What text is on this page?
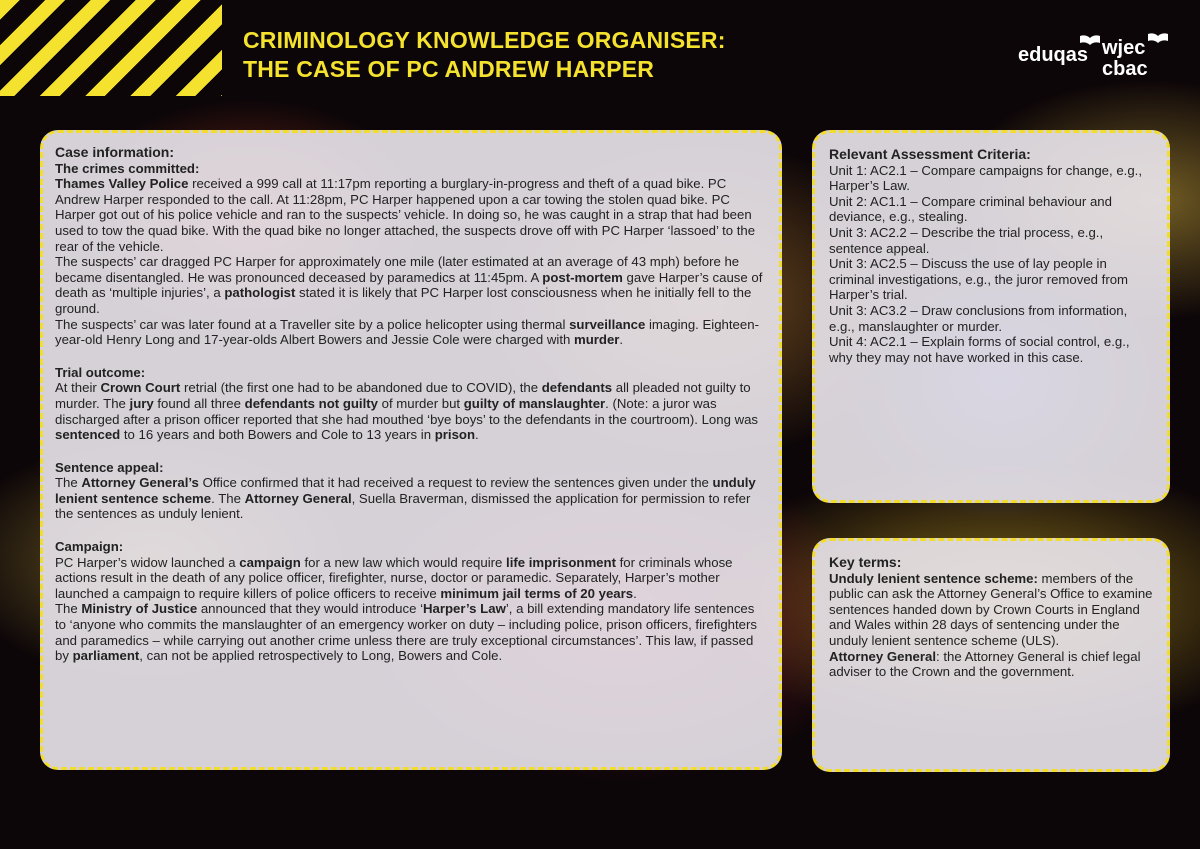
CRIMINOLOGY KNOWLEDGE ORGANISER:
THE CASE OF PC ANDREW HARPER
eduqas wjec
cbac

Case information:

The crimes committed:

Thames Valley Police received a 999 call at 11:17pm reporting a burglary-in-progress and theft of a quad bike. PC Andrew Harper responded to the call. At 11:28pm, PC Harper happened upon a car towing the stolen quad bike. PC Harper got out of his police vehicle and ran to the suspects’ vehicle. In doing so, he was caught in a strap that had been used to tow the quad bike. With the quad bike no longer attached, the suspects drove off with PC Harper ‘lassoed’ to the rear of the vehicle.

The suspects’ car dragged PC Harper for approximately one mile (later estimated at an average of 43 mph) before he became disentangled. He was pronounced deceased by paramedics at 11:45pm. A post-mortem gave Harper’s cause of death as ‘multiple injuries’, a pathologist stated it is likely that PC Harper lost consciousness when he initially fell to the ground.

The suspects’ car was later found at a Traveller site by a police helicopter using thermal surveillance imaging. Eighteen-year-old Henry Long and 17-year-olds Albert Bowers and Jessie Cole were charged with murder.

Trial outcome:

At their Crown Court retrial (the first one had to be abandoned due to COVID), the defendants all pleaded not guilty to murder. The jury found all three defendants not guilty of murder but guilty of manslaughter. (Note: a juror was discharged after a prison officer reported that she had mouthed ‘bye boys’ to the defendants in the courtroom). Long was sentenced to 16 years and both Bowers and Cole to 13 years in prison.

Sentence appeal:

The Attorney General’s Office confirmed that it had received a request to review the sentences given under the unduly lenient sentence scheme. The Attorney General, Suella Braverman, dismissed the application for permission to refer the sentences as unduly lenient.

Campaign:

PC Harper’s widow launched a campaign for a new law which would require life imprisonment for criminals whose actions result in the death of any police officer, firefighter, nurse, doctor or paramedic. Separately, Harper’s mother launched a campaign to require killers of police officers to receive minimum jail terms of 20 years.

The Ministry of Justice announced that they would introduce ‘Harper’s Law’, a bill extending mandatory life sentences to ‘anyone who commits the manslaughter of an emergency worker on duty – including police, prison officers, firefighters and paramedics – while carrying out another crime unless there are truly exceptional circumstances’. This law, if passed by parliament, can not be applied retrospectively to Long, Bowers and Cole.

Relevant Assessment Criteria:

Unit 1: AC2.1 – Compare campaigns for change, e.g., Harper’s Law.

Unit 2: AC1.1 – Compare criminal behaviour and deviance, e.g., stealing.

Unit 3: AC2.2 – Describe the trial process, e.g., sentence appeal.

Unit 3: AC2.5 – Discuss the use of lay people in criminal investigations, e.g., the juror removed from Harper’s trial.

Unit 3: AC3.2 – Draw conclusions from information, e.g., manslaughter or murder.

Unit 4: AC2.1 – Explain forms of social control, e.g., why they may not have worked in this case.

Key terms:

Unduly lenient sentence scheme: members of the public can ask the Attorney General’s Office to examine sentences handed down by Crown Courts in England and Wales within 28 days of sentencing under the unduly lenient sentence scheme (ULS).

Attorney General: the Attorney General is chief legal adviser to the Crown and the government.
